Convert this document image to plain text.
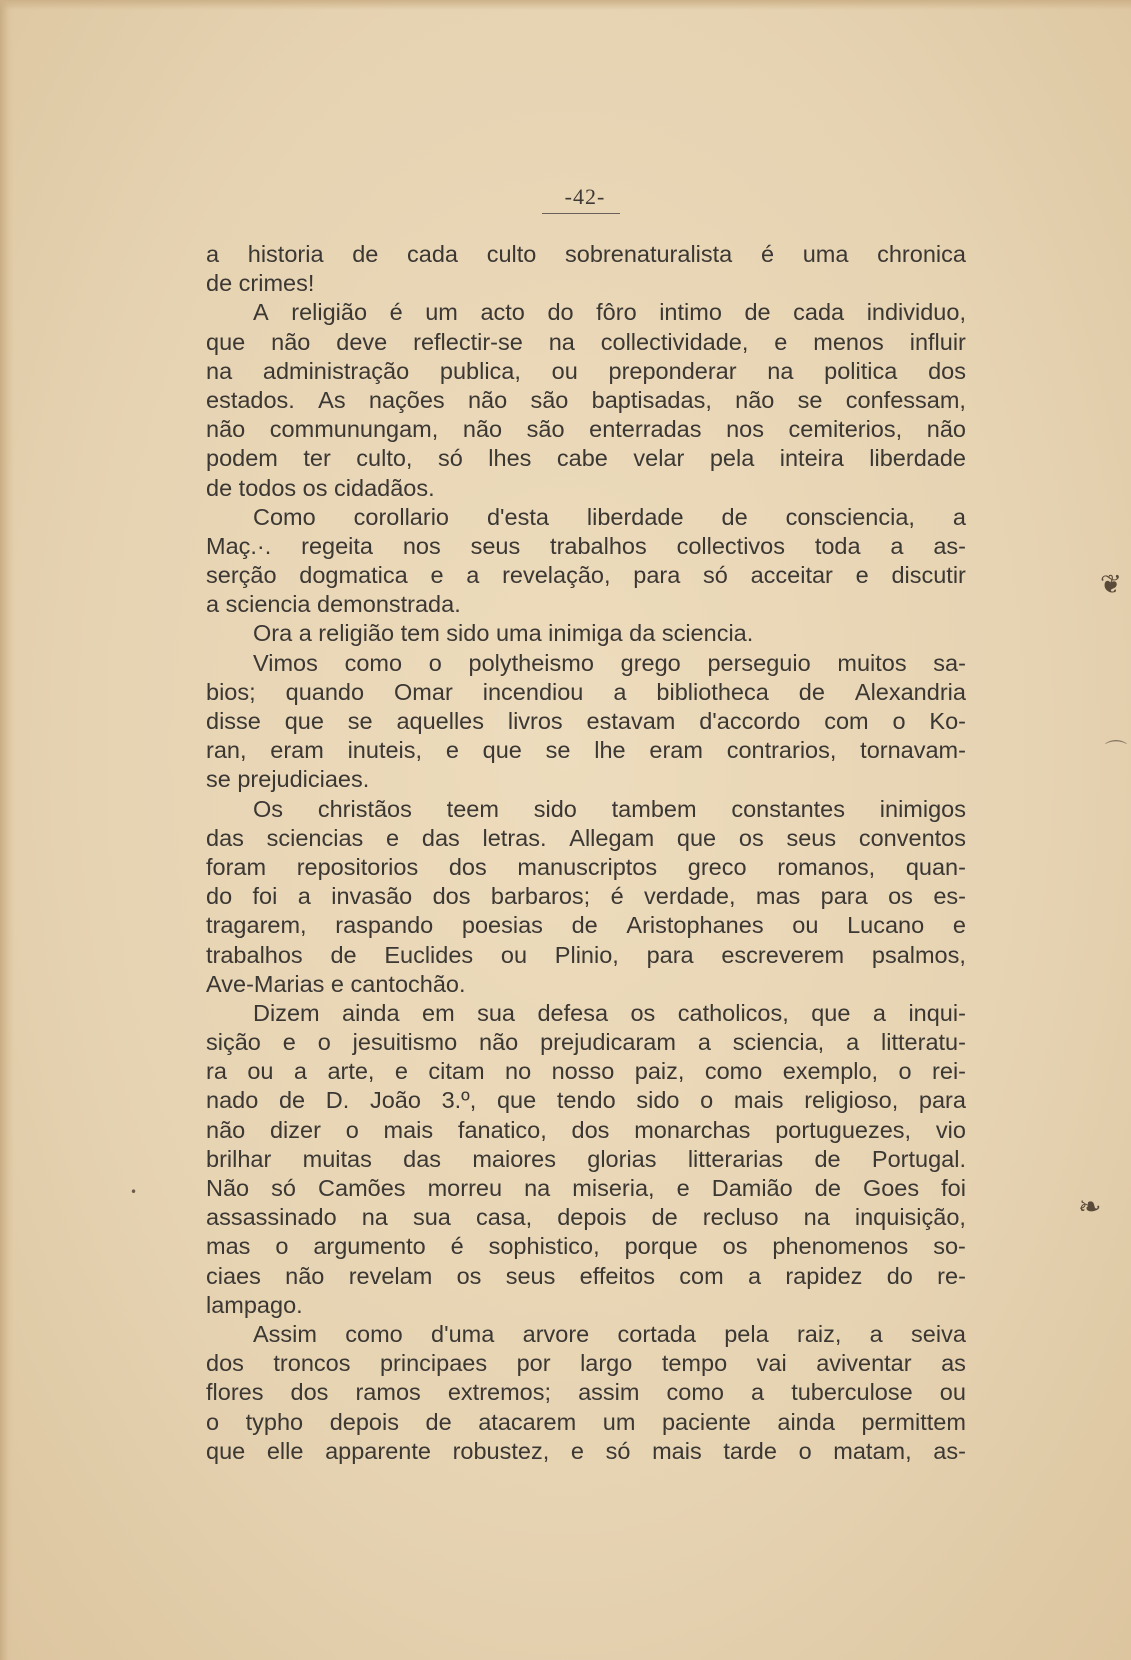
-42-
a historia de cada culto sobrenaturalista é uma chronica
de crimes!
A religião é um acto do fôro intimo de cada individuo,
que não deve reflectir-se na collectividade, e menos influir
na administração publica, ou preponderar na politica dos
estados. As nações não são baptisadas, não se confessam,
não communungam, não são enterradas nos cemiterios, não
podem ter culto, só lhes cabe velar pela inteira liberdade
de todos os cidadãos.
Como corollario d'esta liberdade de consciencia, a
Maç.·. regeita nos seus trabalhos collectivos toda a as-
serção dogmatica e a revelação, para só acceitar e discutir
a sciencia demonstrada.
Ora a religião tem sido uma inimiga da sciencia.
Vimos como o polytheismo grego perseguio muitos sa-
bios; quando Omar incendiou a bibliotheca de Alexandria
disse que se aquelles livros estavam d'accordo com o Ko-
ran, eram inuteis, e que se lhe eram contrarios, tornavam-
se prejudiciaes.
Os christãos teem sido tambem constantes inimigos
das sciencias e das letras. Allegam que os seus conventos
foram repositorios dos manuscriptos greco romanos, quan-
do foi a invasão dos barbaros; é verdade, mas para os es-
tragarem, raspando poesias de Aristophanes ou Lucano e
trabalhos de Euclides ou Plinio, para escreverem psalmos,
Ave-Marias e cantochão.
Dizem ainda em sua defesa os catholicos, que a inqui-
sição e o jesuitismo não prejudicaram a sciencia, a litteratu-
ra ou a arte, e citam no nosso paiz, como exemplo, o rei-
nado de D. João 3.º, que tendo sido o mais religioso, para
não dizer o mais fanatico, dos monarchas portuguezes, vio
brilhar muitas das maiores glorias litterarias de Portugal.
Não só Camões morreu na miseria, e Damião de Goes foi
assassinado na sua casa, depois de recluso na inquisição,
mas o argumento é sophistico, porque os phenomenos so-
ciaes não revelam os seus effeitos com a rapidez do re-
lampago.
Assim como d'uma arvore cortada pela raiz, a seiva
dos troncos principaes por largo tempo vai aviventar as
flores dos ramos extremos; assim como a tuberculose ou
o typho depois de atacarem um paciente ainda permittem
que elle apparente robustez, e só mais tarde o matam, as-
❦
⌒
❧
•
